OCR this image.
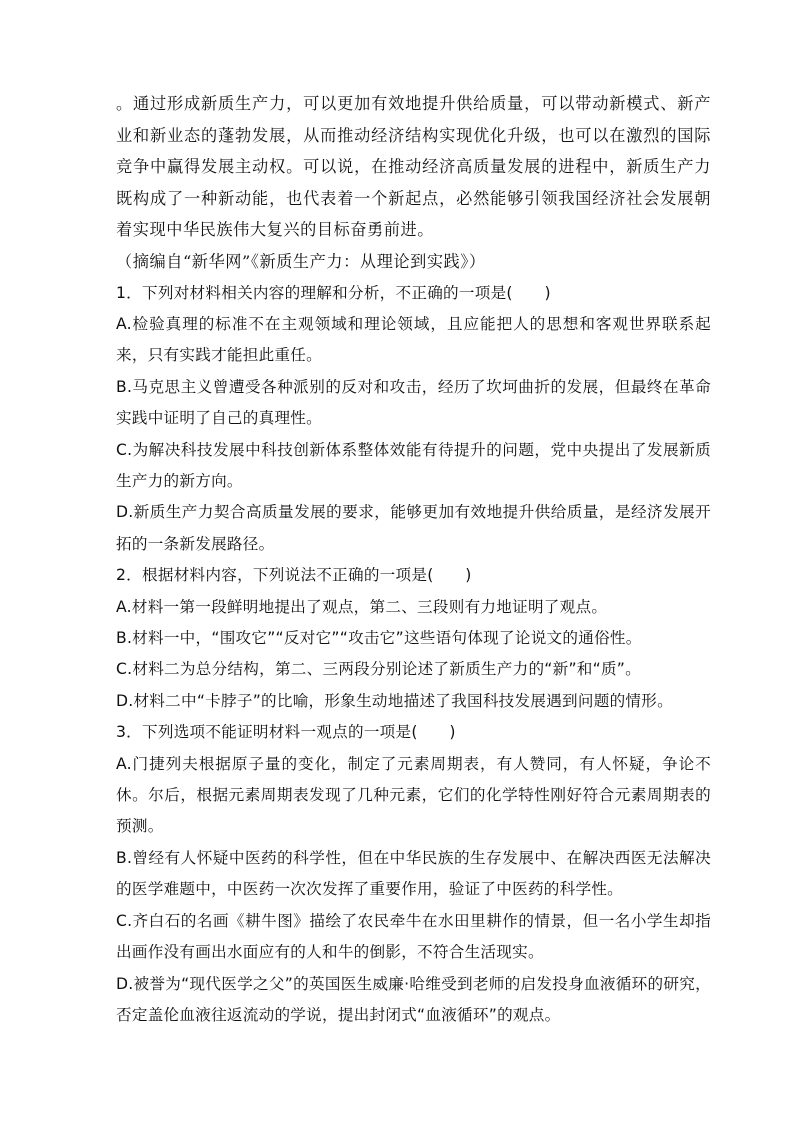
。通过形成新质生产力，可以更加有效地提升供给质量，可以带动新模式、新产业和新业态的蓬勃发展，从而推动经济结构实现优化升级，也可以在激烈的国际竞争中赢得发展主动权。可以说，在推动经济高质量发展的进程中，新质生产力既构成了一种新动能，也代表着一个新起点，必然能够引领我国经济社会发展朝着实现中华民族伟大复兴的目标奋勇前进。

（摘编自“新华网”《新质生产力：从理论到实践》）

1．下列对材料相关内容的理解和分析，不正确的一项是(　　)

A.检验真理的标准不在主观领域和理论领域，且应能把人的思想和客观世界联系起来，只有实践才能担此重任。

B.马克思主义曾遭受各种派别的反对和攻击，经历了坎坷曲折的发展，但最终在革命实践中证明了自己的真理性。

C.为解决科技发展中科技创新体系整体效能有待提升的问题，党中央提出了发展新质生产力的新方向。

D.新质生产力契合高质量发展的要求，能够更加有效地提升供给质量，是经济发展开拓的一条新发展路径。

2．根据材料内容，下列说法不正确的一项是(　　)

A.材料一第一段鲜明地提出了观点，第二、三段则有力地证明了观点。

B.材料一中，“围攻它”“反对它”“攻击它”这些语句体现了论说文的通俗性。

C.材料二为总分结构，第二、三两段分别论述了新质生产力的“新”和“质”。

D.材料二中“卡脖子”的比喻，形象生动地描述了我国科技发展遇到问题的情形。

3．下列选项不能证明材料一观点的一项是(　　)

A.门捷列夫根据原子量的变化，制定了元素周期表，有人赞同，有人怀疑，争论不休。尔后，根据元素周期表发现了几种元素，它们的化学特性刚好符合元素周期表的预测。

B.曾经有人怀疑中医药的科学性，但在中华民族的生存发展中、在解决西医无法解决的医学难题中，中医药一次次发挥了重要作用，验证了中医药的科学性。

C.齐白石的名画《耕牛图》描绘了农民牵牛在水田里耕作的情景，但一名小学生却指出画作没有画出水面应有的人和牛的倒影，不符合生活现实。

D.被誉为“现代医学之父”的英国医生威廉·哈维受到老师的启发投身血液循环的研究，否定盖伦血液往返流动的学说，提出封闭式“血液循环”的观点。
